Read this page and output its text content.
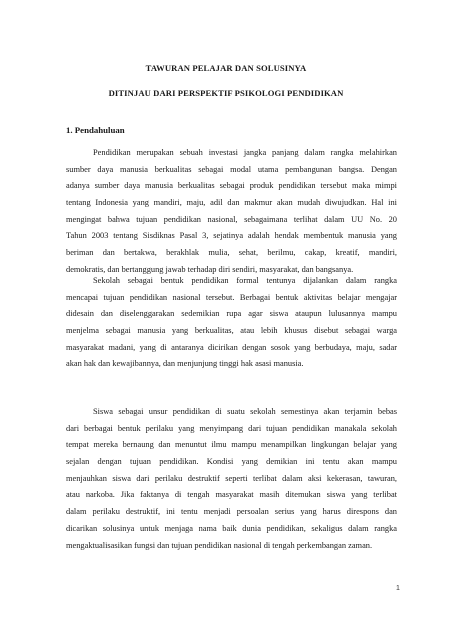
TAWURAN PELAJAR DAN SOLUSINYA
DITINJAU DARI PERSPEKTIF PSIKOLOGI PENDIDIKAN
1. Pendahuluan
Pendidikan merupakan sebuah investasi jangka panjang dalam rangka melahirkan
sumber daya manusia berkualitas sebagai modal utama pembangunan bangsa. Dengan
adanya sumber daya manusia berkualitas sebagai produk pendidikan tersebut maka mimpi
tentang Indonesia yang mandiri, maju, adil dan makmur akan mudah diwujudkan. Hal ini
mengingat bahwa tujuan pendidikan nasional, sebagaimana terlihat dalam UU No. 20
Tahun 2003 tentang Sisdiknas Pasal 3, sejatinya adalah hendak membentuk manusia yang
beriman dan bertakwa, berakhlak mulia, sehat, berilmu, cakap, kreatif, mandiri,
demokratis, dan bertanggung jawab terhadap diri sendiri, masyarakat, dan bangsanya.
Sekolah sebagai bentuk pendidikan formal tentunya dijalankan dalam rangka
mencapai tujuan pendidikan nasional tersebut. Berbagai bentuk aktivitas belajar mengajar
didesain dan diselenggarakan sedemikian rupa agar siswa ataupun lulusannya mampu
menjelma sebagai manusia yang berkualitas, atau lebih khusus disebut sebagai warga
masyarakat madani, yang di antaranya dicirikan dengan sosok yang berbudaya, maju, sadar
akan hak dan kewajibannya, dan menjunjung tinggi hak asasi manusia.
Siswa sebagai unsur pendidikan di suatu sekolah semestinya akan terjamin bebas
dari berbagai bentuk perilaku yang menyimpang dari tujuan pendidikan manakala sekolah
tempat mereka bernaung dan menuntut ilmu mampu menampilkan lingkungan belajar yang
sejalan dengan tujuan pendidikan. Kondisi yang demikian ini tentu akan mampu
menjauhkan siswa dari perilaku destruktif seperti terlibat dalam aksi kekerasan, tawuran,
atau narkoba. Jika faktanya di tengah masyarakat masih ditemukan siswa yang terlibat
dalam perilaku destruktif, ini tentu menjadi persoalan serius yang harus direspons dan
dicarikan solusinya untuk menjaga nama baik dunia pendidikan, sekaligus dalam rangka
mengaktualisasikan fungsi dan tujuan pendidikan nasional di tengah perkembangan zaman.
1
